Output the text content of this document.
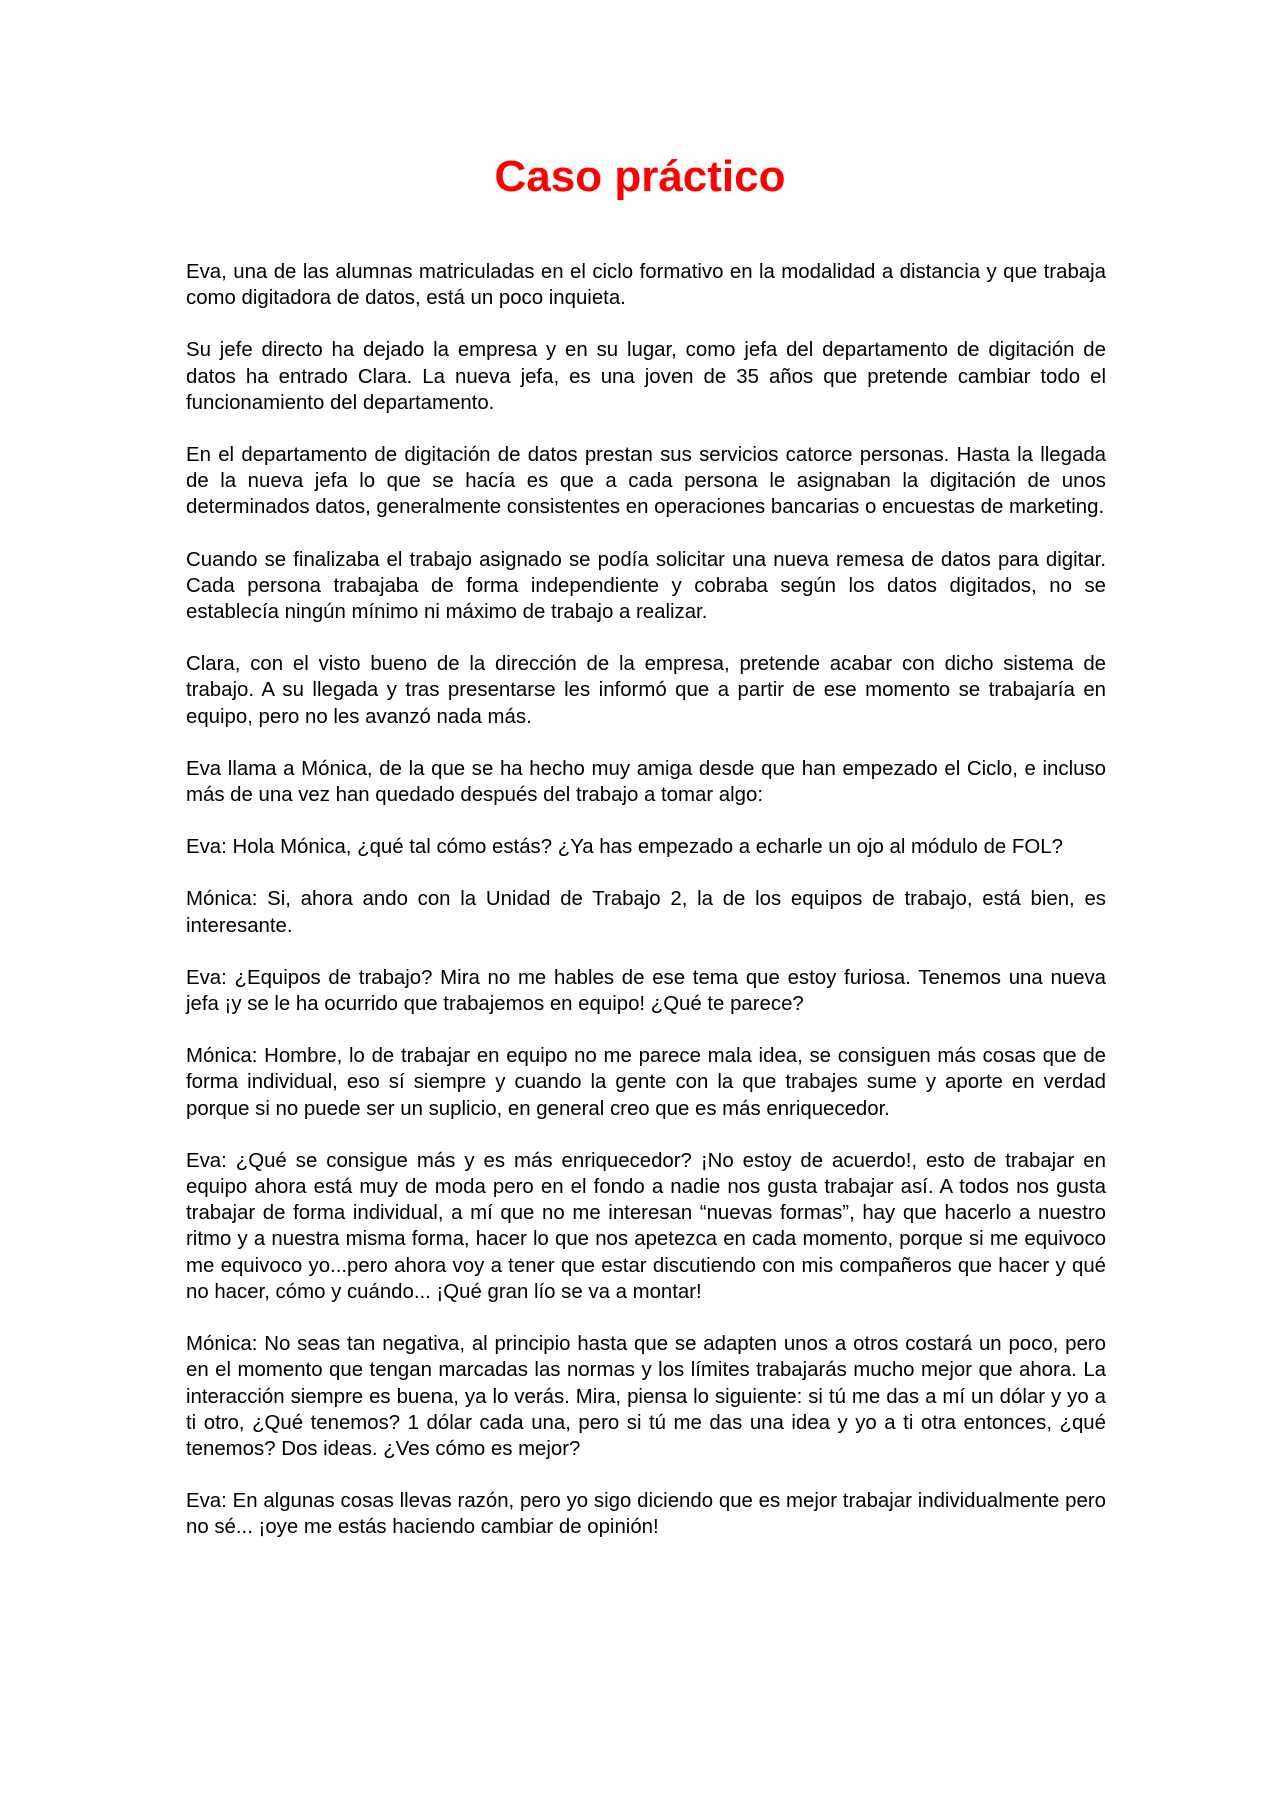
Caso práctico

Eva, una de las alumnas matriculadas en el ciclo formativo en la modalidad a distancia y que trabaja como digitadora de datos, está un poco inquieta.

Su jefe directo ha dejado la empresa y en su lugar, como jefa del departamento de digitación de datos ha entrado Clara. La nueva jefa, es una joven de 35 años que pretende cambiar todo el funcionamiento del departamento.

En el departamento de digitación de datos prestan sus servicios catorce personas. Hasta la llegada de la nueva jefa lo que se hacía es que a cada persona le asignaban la digitación de unos determinados datos, generalmente consistentes en operaciones bancarias o encuestas de marketing.

Cuando se finalizaba el trabajo asignado se podía solicitar una nueva remesa de datos para digitar. Cada persona trabajaba de forma independiente y cobraba según los datos digitados, no se establecía ningún mínimo ni máximo de trabajo a realizar.

Clara, con el visto bueno de la dirección de la empresa, pretende acabar con dicho sistema de trabajo. A su llegada y tras presentarse les informó que a partir de ese momento se trabajaría en equipo, pero no les avanzó nada más.

Eva llama a Mónica, de la que se ha hecho muy amiga desde que han empezado el Ciclo, e incluso más de una vez han quedado después del trabajo a tomar algo:

Eva: Hola Mónica, ¿qué tal cómo estás? ¿Ya has empezado a echarle un ojo al módulo de FOL?

Mónica: Si, ahora ando con la Unidad de Trabajo 2, la de los equipos de trabajo, está bien, es interesante.

Eva: ¿Equipos de trabajo? Mira no me hables de ese tema que estoy furiosa. Tenemos una nueva jefa ¡y se le ha ocurrido que trabajemos en equipo! ¿Qué te parece?

Mónica: Hombre, lo de trabajar en equipo no me parece mala idea, se consiguen más cosas que de forma individual, eso sí siempre y cuando la gente con la que trabajes sume y aporte en verdad porque si no puede ser un suplicio, en general creo que es más enriquecedor.

Eva: ¿Qué se consigue más y es más enriquecedor? ¡No estoy de acuerdo!, esto de trabajar en equipo ahora está muy de moda pero en el fondo a nadie nos gusta trabajar así. A todos nos gusta trabajar de forma individual, a mí que no me interesan “nuevas formas”, hay que hacerlo a nuestro ritmo y a nuestra misma forma, hacer lo que nos apetezca en cada momento, porque si me equivoco me equivoco yo...pero ahora voy a tener que estar discutiendo con mis compañeros que hacer y qué no hacer, cómo y cuándo... ¡Qué gran lío se va a montar!

Mónica: No seas tan negativa, al principio hasta que se adapten unos a otros costará un poco, pero en el momento que tengan marcadas las normas y los límites trabajarás mucho mejor que ahora. La interacción siempre es buena, ya lo verás. Mira, piensa lo siguiente: si tú me das a mí un dólar y yo a ti otro, ¿Qué tenemos? 1 dólar cada una, pero si tú me das una idea y yo a ti otra entonces, ¿qué tenemos? Dos ideas. ¿Ves cómo es mejor?

Eva: En algunas cosas llevas razón, pero yo sigo diciendo que es mejor trabajar individualmente pero no sé... ¡oye me estás haciendo cambiar de opinión!
